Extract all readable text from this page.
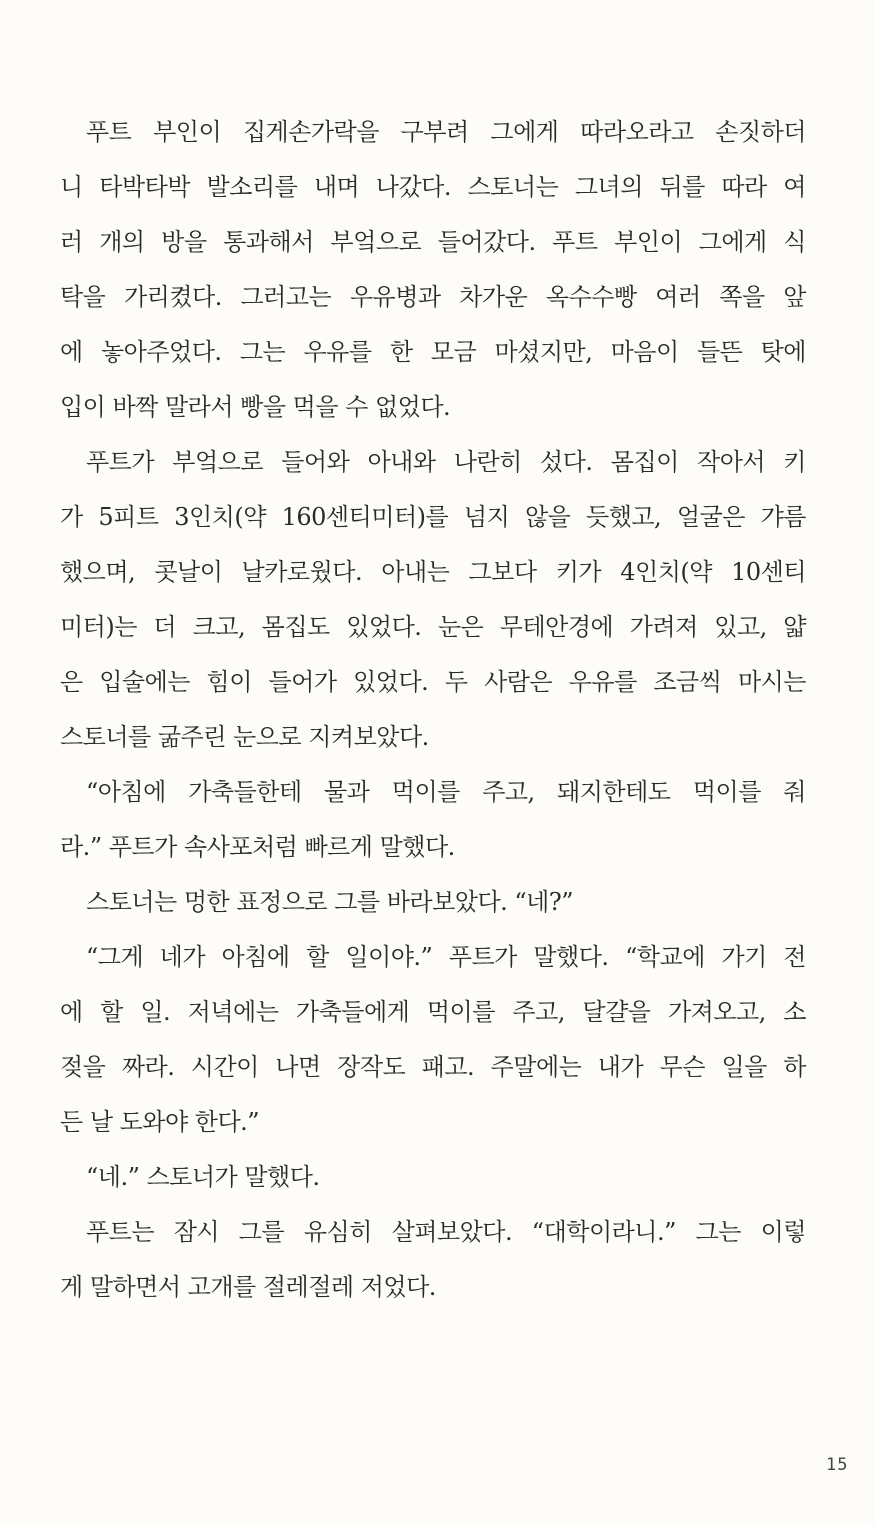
푸트 부인이 집게손가락을 구부려 그에게 따라오라고 손짓하더
니 타박타박 발소리를 내며 나갔다. 스토너는 그녀의 뒤를 따라 여
러 개의 방을 통과해서 부엌으로 들어갔다. 푸트 부인이 그에게 식
탁을 가리켰다. 그러고는 우유병과 차가운 옥수수빵 여러 쪽을 앞
에 놓아주었다. 그는 우유를 한 모금 마셨지만, 마음이 들뜬 탓에
입이 바짝 말라서 빵을 먹을 수 없었다.
푸트가 부엌으로 들어와 아내와 나란히 섰다. 몸집이 작아서 키
가 5피트 3인치(약 160센티미터)를 넘지 않을 듯했고, 얼굴은 갸름
했으며, 콧날이 날카로웠다. 아내는 그보다 키가 4인치(약 10센티
미터)는 더 크고, 몸집도 있었다. 눈은 무테안경에 가려져 있고, 얇
은 입술에는 힘이 들어가 있었다. 두 사람은 우유를 조금씩 마시는
스토너를 굶주린 눈으로 지켜보았다.
“아침에 가축들한테 물과 먹이를 주고, 돼지한테도 먹이를 줘
라.” 푸트가 속사포처럼 빠르게 말했다.
스토너는 멍한 표정으로 그를 바라보았다. “네?”
“그게 네가 아침에 할 일이야.” 푸트가 말했다. “학교에 가기 전
에 할 일. 저녁에는 가축들에게 먹이를 주고, 달걀을 가져오고, 소
젖을 짜라. 시간이 나면 장작도 패고. 주말에는 내가 무슨 일을 하
든 날 도와야 한다.”
“네.” 스토너가 말했다.
푸트는 잠시 그를 유심히 살펴보았다. “대학이라니.” 그는 이렇
게 말하면서 고개를 절레절레 저었다.
15
